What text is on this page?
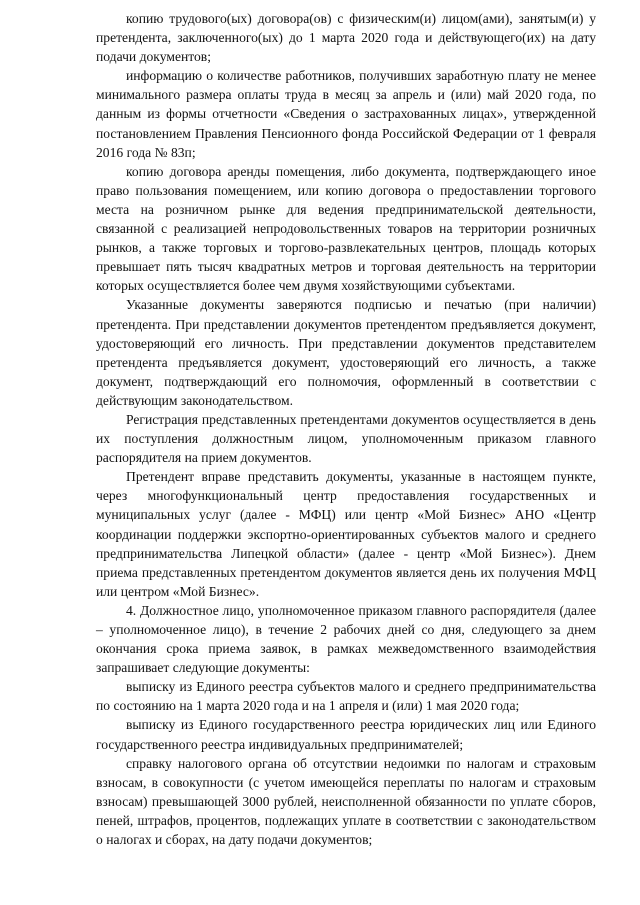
копию трудового(ых) договора(ов) с физическим(и) лицом(ами), занятым(и) у претендента, заключенного(ых) до 1 марта 2020 года и действующего(их) на дату подачи документов;

информацию о количестве работников, получивших заработную плату не менее минимального размера оплаты труда в месяц за апрель и (или) май 2020 года, по данным из формы отчетности «Сведения о застрахованных лицах», утвержденной постановлением Правления Пенсионного фонда Российской Федерации от 1 февраля 2016 года № 83п;

копию договора аренды помещения, либо документа, подтверждающего иное право пользования помещением, или копию договора о предоставлении торгового места на розничном рынке для ведения предпринимательской деятельности, связанной с реализацией непродовольственных товаров на территории розничных рынков, а также торговых и торгово-развлекательных центров, площадь которых превышает пять тысяч квадратных метров и торговая деятельность на территории которых осуществляется более чем двумя хозяйствующими субъектами.

Указанные документы заверяются подписью и печатью (при наличии) претендента. При представлении документов претендентом предъявляется документ, удостоверяющий его личность. При представлении документов представителем претендента предъявляется документ, удостоверяющий его личность, а также документ, подтверждающий его полномочия, оформленный в соответствии с действующим законодательством.

Регистрация представленных претендентами документов осуществляется в день их поступления должностным лицом, уполномоченным приказом главного распорядителя на прием документов.

Претендент вправе представить документы, указанные в настоящем пункте, через многофункциональный центр предоставления государственных и муниципальных услуг (далее - МФЦ) или центр «Мой Бизнес» АНО «Центр координации поддержки экспортно-ориентированных субъектов малого и среднего предпринимательства Липецкой области» (далее - центр «Мой Бизнес»). Днем приема представленных претендентом документов является день их получения МФЦ или центром «Мой Бизнес».

4. Должностное лицо, уполномоченное приказом главного распорядителя (далее – уполномоченное лицо), в течение 2 рабочих дней со дня, следующего за днем окончания срока приема заявок, в рамках межведомственного взаимодействия запрашивает следующие документы:

выписку из Единого реестра субъектов малого и среднего предпринимательства по состоянию на 1 марта 2020 года и на 1 апреля и (или) 1 мая 2020 года;

выписку из Единого государственного реестра юридических лиц или Единого государственного реестра индивидуальных предпринимателей;

справку налогового органа об отсутствии недоимки по налогам и страховым взносам, в совокупности (с учетом имеющейся переплаты по налогам и страховым взносам) превышающей 3000 рублей, неисполненной обязанности по уплате сборов, пеней, штрафов, процентов, подлежащих уплате в соответствии с законодательством о налогах и сборах, на дату подачи документов;
